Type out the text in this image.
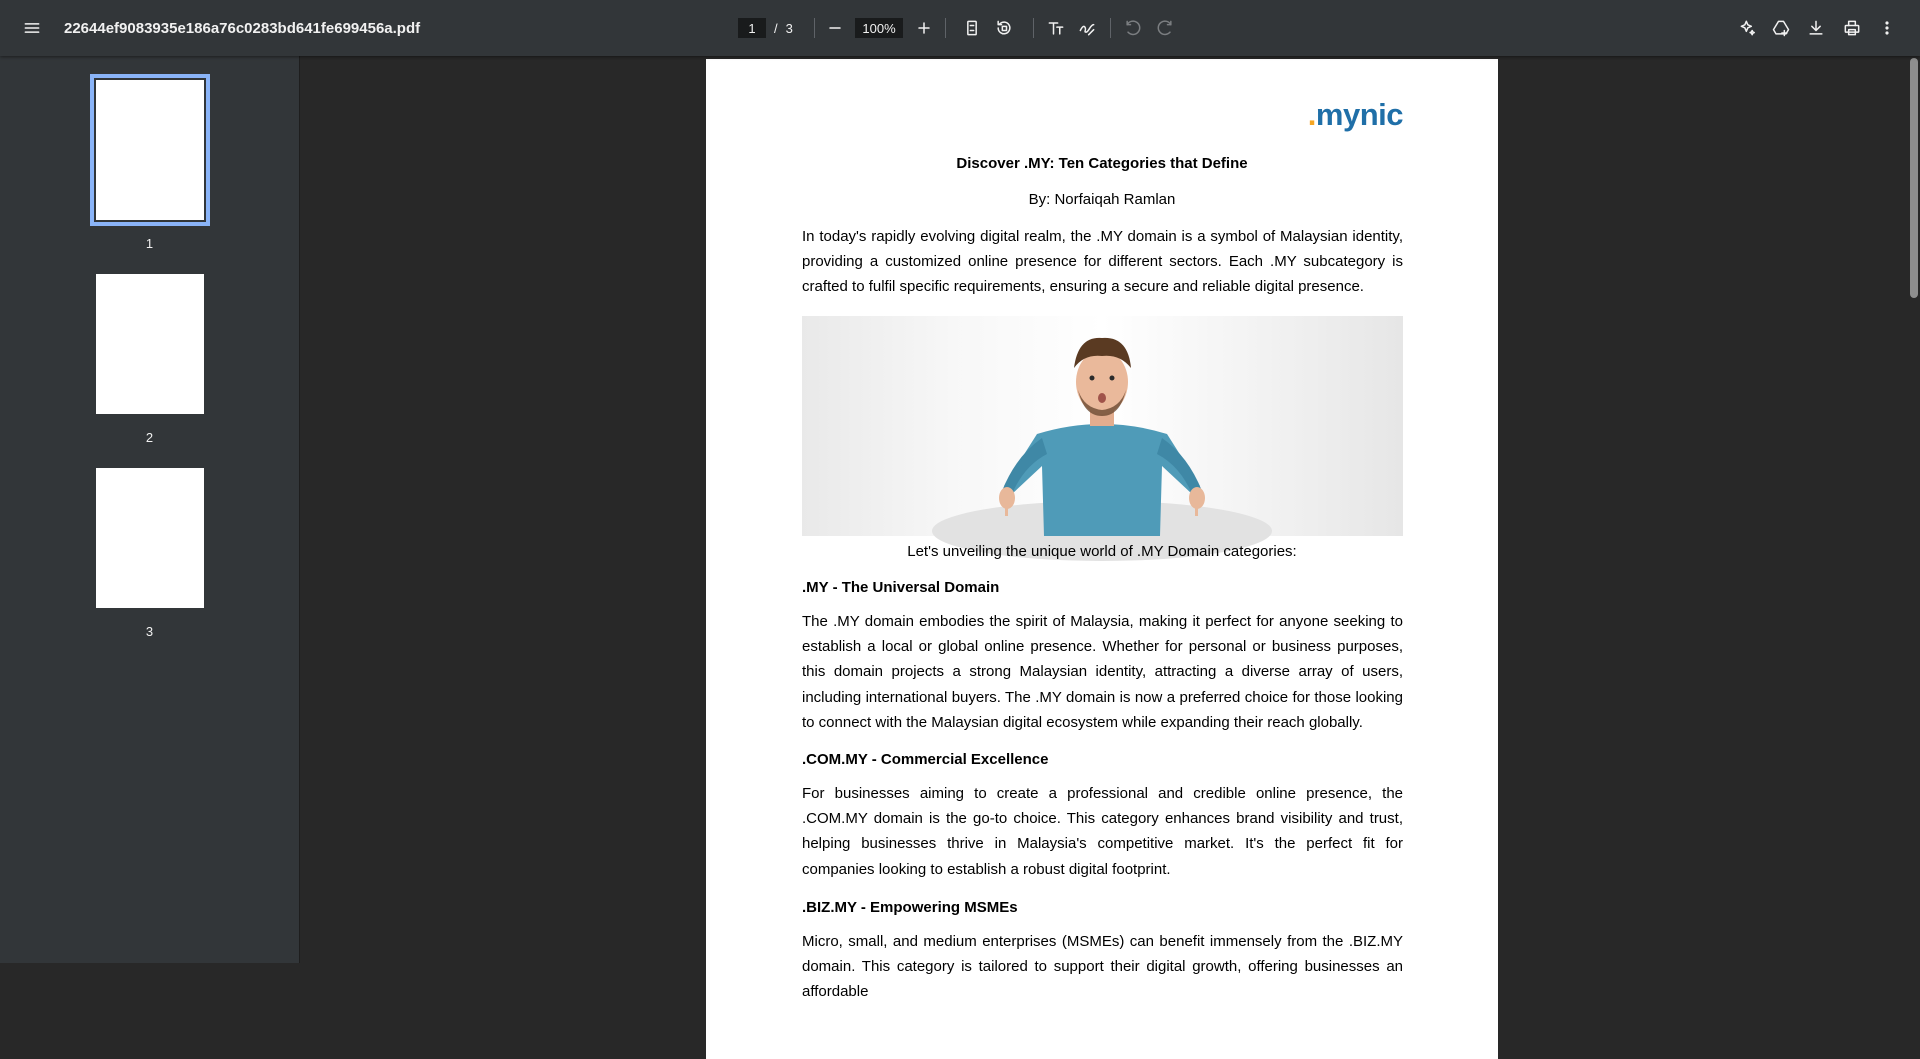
22644ef9083935e186a76c0283bd641fe699456a.pdf
1	/ 3
100%
1
2
3
.mynic
Discover .MY: Ten Categories that Define
By: Norfaiqah Ramlan
In today's rapidly evolving digital realm, the .MY domain is a symbol of Malaysian identity, providing a customized online presence for different sectors. Each .MY subcategory is crafted to fulfil specific requirements, ensuring a secure and reliable digital presence.
Let's unveiling the unique world of .MY Domain categories:
.MY - The Universal Domain
The .MY domain embodies the spirit of Malaysia, making it perfect for anyone seeking to establish a local or global online presence. Whether for personal or business purposes, this domain projects a strong Malaysian identity, attracting a diverse array of users, including international buyers. The .MY domain is now a preferred choice for those looking to connect with the Malaysian digital ecosystem while expanding their reach globally.
.COM.MY - Commercial Excellence
For businesses aiming to create a professional and credible online presence, the .COM.MY domain is the go-to choice. This category enhances brand visibility and trust, helping businesses thrive in Malaysia's competitive market. It's the perfect fit for companies looking to establish a robust digital footprint.
.BIZ.MY - Empowering MSMEs
Micro, small, and medium enterprises (MSMEs) can benefit immensely from the .BIZ.MY domain. This category is tailored to support their digital growth, offering businesses an affordable
